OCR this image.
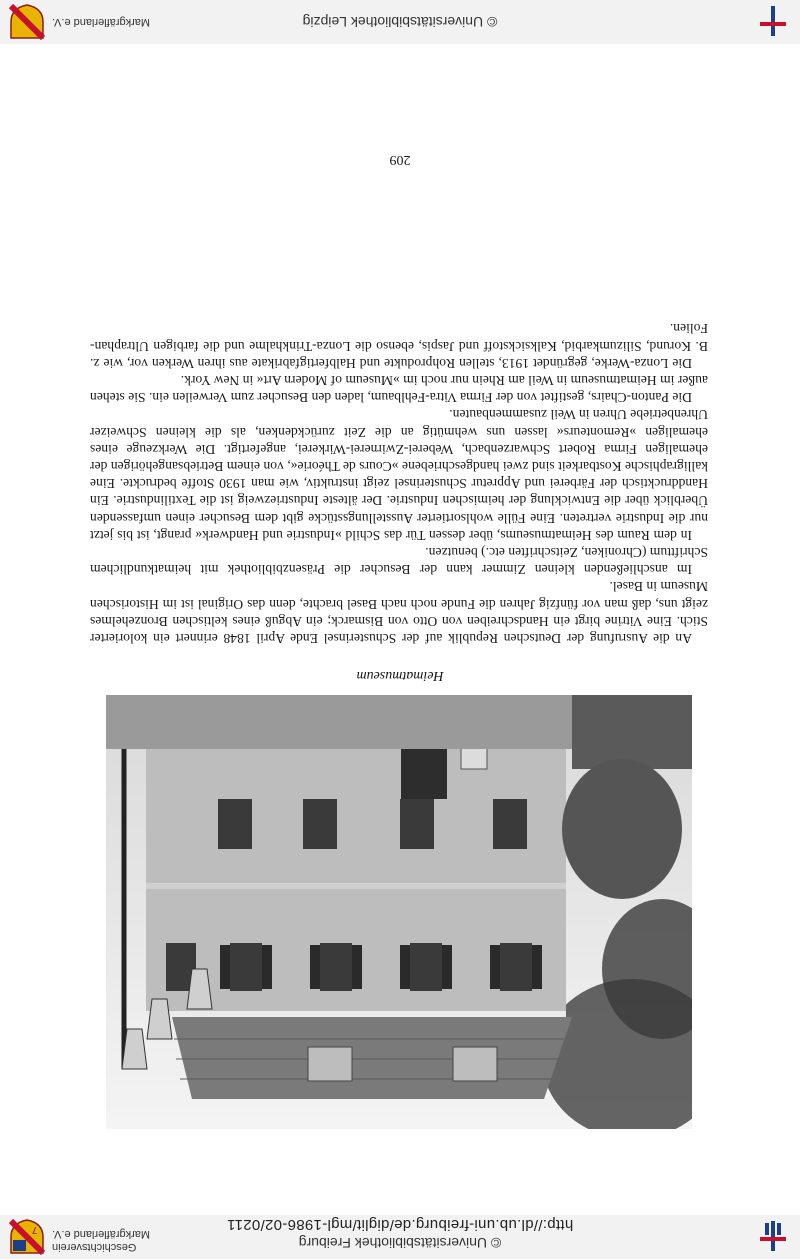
© Universitätsbibliothek Freiburg
http://dl.ub.uni-freiburg.de/diglit/mgl-1986-02/0211
Geschichtsverein
Markgräflerland e.V.
7
Heimatmuseum

An die Ausrufung der Deutschen Republik auf der Schusterinsel Ende April 1848 erinnert ein kolorierter Stich. Eine Vitrine birgt ein Handschreiben von Otto von Bismarck; ein Abguß eines keltischen Bronzehelmes zeigt uns, daß man vor fünfzig Jahren die Funde noch nach Basel brachte, denn das Original ist im Historischen Museum in Basel.

Im anschließenden kleinen Zimmer kann der Besucher die Präsenzbibliothek mit heimatkundlichem Schrifttum (Chroniken, Zeitschriften etc.) benutzen.

In dem Raum des Heimatmuseums, über dessen Tür das Schild »Industrie und Handwerk« prangt, ist bis jetzt nur die Industrie vertreten. Eine Fülle wohlsortierter Ausstellungsstücke gibt dem Besucher einen umfassenden Überblick über die Entwicklung der heimischen Industrie. Der älteste Industriezweig ist die Textilindustrie. Ein Handdrucktisch der Färberei und Appretur Schusterinsel zeigt instruktiv, wie man 1930 Stoffe bedruckte. Eine kalligraphische Kostbarkeit sind zwei handgeschriebene »Cours de Théorie«, von einem Betriebsangehörigen der ehemaligen Firma Robert Schwarzenbach, Weberei-Zwirnerei-Wirkerei, angefertigt. Die Werkzeuge eines ehemaligen »Remonteurs« lassen uns wehmütig an die Zeit zurückdenken, als die kleinen Schweizer Uhrenbetriebe Uhren in Weil zusammenbauten.

Die Panton-Chairs, gestiftet von der Firma Vitra-Fehlbaum, laden den Besucher zum Verweilen ein. Sie stehen außer im Heimatmuseum in Weil am Rhein nur noch im »Museum of Modern Art« in New York.

Die Lonza-Werke, gegründet 1913, stellen Rohprodukte und Halbfertigfabrikate aus ihren Werken vor, wie z. B. Korund, Silizumkarbid, Kalksickstoff und Jaspis, ebenso die Lonza-Trinkhalme und die farbigen Ultraphan-Folien.

209
© Universitätsbibliothek Leipzig
Markgräflerland e.V.
